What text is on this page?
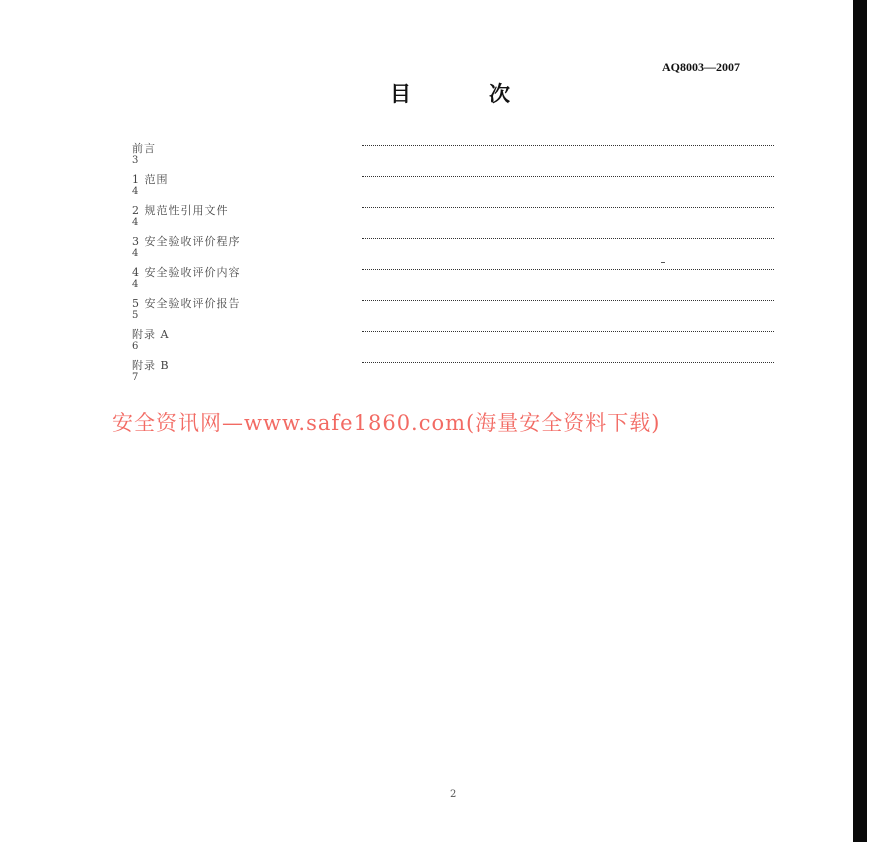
AQ8003—2007
目	次
前言
3
1 范围
4
2 规范性引用文件
4
3 安全验收评价程序
4
4 安全验收评价内容
4
5 安全验收评价报告
5
附录 A
6
附录 B
7
安全资讯网—www.safe1860.com(海量安全资料下载)
2
